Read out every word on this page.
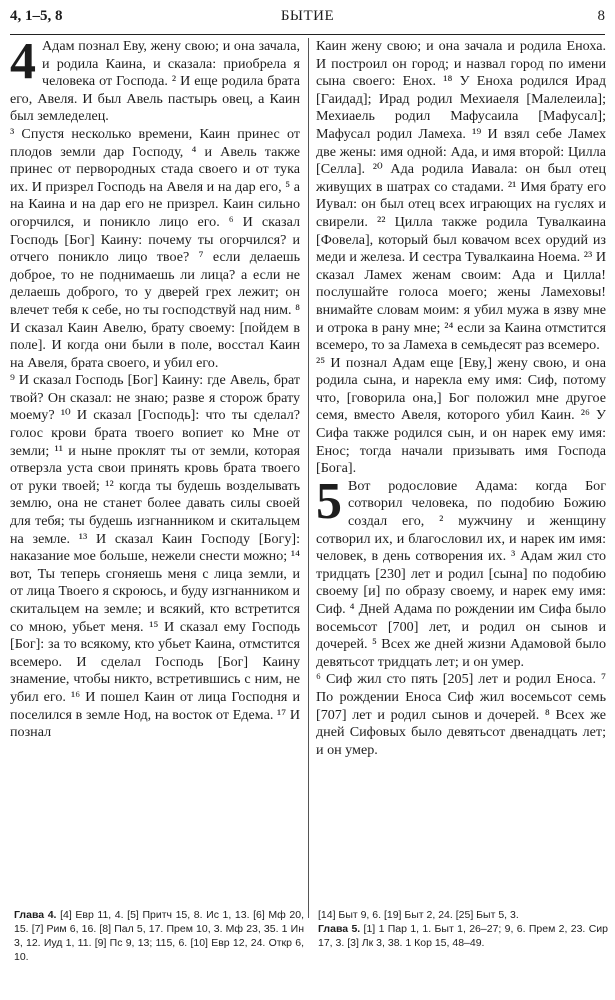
4, 1–5, 8	БЫТИЕ	8
4 Адам познал Еву, жену свою; и она зачала, и родила Каина, и сказала: приобрела я человека от Господа. ² И еще родила брата его, Авеля. И был Авель пастырь овец, а Каин был земледелец.

³ Спустя несколько времени, Каин принес от плодов земли дар Господу, ⁴ и Авель также принес от первородных стада своего и от тука их. И призрел Господь на Авеля и на дар его, ⁵ а на Каина и на дар его не призрел. Каин сильно огорчился, и поникло лицо его. ⁶ И сказал Господь [Бог] Каину: почему ты огорчился? и отчего поникло лицо твое? ⁷ если делаешь доброе, то не поднимаешь ли лица? а если не делаешь доброго, то у дверей грех лежит; он влечет тебя к себе, но ты господствуй над ним. ⁸ И сказал Каин Авелю, брату своему: [пойдем в поле]. И когда они были в поле, восстал Каин на Авеля, брата своего, и убил его.

⁹ И сказал Господь [Бог] Каину: где Авель, брат твой? Он сказал: не знаю; разве я сторож брату моему? ¹⁰ И сказал [Господь]: что ты сделал? голос крови брата твоего вопиет ко Мне от земли; ¹¹ и ныне проклят ты от земли, которая отверзла уста свои принять кровь брата твоего от руки твоей; ¹² когда ты будешь возделывать землю, она не станет более давать силы своей для тебя; ты будешь изгнанником и скитальцем на земле. ¹³ И сказал Каин Господу [Богу]: наказание мое больше, нежели снести можно; ¹⁴ вот, Ты теперь сгоняешь меня с лица земли, и от лица Твоего я скроюсь, и буду изгнанником и скитальцем на земле; и всякий, кто встретится со мною, убьет меня. ¹⁵ И сказал ему Господь [Бог]: за то всякому, кто убьет Каина, отмстится всемеро. И сделал Господь [Бог] Каину знамение, чтобы никто, встретившись с ним, не убил его. ¹⁶ И пошел Каин от лица Господня и поселился в земле Нод, на восток от Едема. ¹⁷ И познал

Каин жену свою; и она зачала и родила Еноха. И построил он город; и назвал город по имени сына своего: Енох. ¹⁸ У Еноха родился Ирад [Гаидад]; Ирад родил Мехиаеля [Малелеила]; Мехиаель родил Мафусаила [Мафусал]; Мафусал родил Ламеха. ¹⁹ И взял себе Ламех две жены: имя одной: Ада, и имя второй: Цилла [Селла]. ²⁰ Ада родила Иавала: он был отец живущих в шатрах со стадами. ²¹ Имя брату его Иувал: он был отец всех играющих на гуслях и свирели. ²² Цилла также родила Тувалкаина [Фовела], который был ковачом всех орудий из меди и железа. И сестра Тувалкаина Ноема. ²³ И сказал Ламех женам своим: Ада и Цилла! послушайте голоса моего; жены Ламеховы! внимайте словам моим: я убил мужа в язву мне и отрока в рану мне; ²⁴ если за Каина отмстится всемеро, то за Ламеха в семьдесят раз всемеро.

²⁵ И познал Адам еще [Еву,] жену свою, и она родила сына, и нарекла ему имя: Сиф, потому что, [говорила она,] Бог положил мне другое семя, вместо Авеля, которого убил Каин. ²⁶ У Сифа также родился сын, и он нарек ему имя: Енос; тогда начали призывать имя Господа [Бога].

5 Вот родословие Адама: когда Бог сотворил человека, по подобию Божию создал его, ² мужчину и женщину сотворил их, и благословил их, и нарек им имя: человек, в день сотворения их. ³ Адам жил сто тридцать [230] лет и родил [сына] по подобию своему [и] по образу своему, и нарек ему имя: Сиф. ⁴ Дней Адама по рождении им Сифа было восемьсот [700] лет, и родил он сынов и дочерей. ⁵ Всех же дней жизни Адамовой было девятьсот тридцать лет; и он умер.

⁶ Сиф жил сто пять [205] лет и родил Еноса. ⁷ По рождении Еноса Сиф жил восемьсот семь [707] лет и родил сынов и дочерей. ⁸ Всех же дней Сифовых было девятьсот двенадцать лет; и он умер.

Глава 4. [4] Евр 11, 4. [5] Притч 15, 8. Ис 1, 13. [6] Мф 20, 15. [7] Рим 6, 16. [8] Пал 5, 17. Прем 10, 3. Мф 23, 35. 1 Ин 3, 12. Иуд 1, 11. [9] Пс 9, 13; 115, 6. [10] Евр 12, 24. Откр 6, 10.
[14] Быт 9, 6. [19] Быт 2, 24. [25] Быт 5, 3.
Глава 5. [1] 1 Пар 1, 1. Быт 1, 26–27; 9, 6. Прем 2, 23. Сир 17, 3. [3] Лк 3, 38. 1 Кор 15, 48–49.
